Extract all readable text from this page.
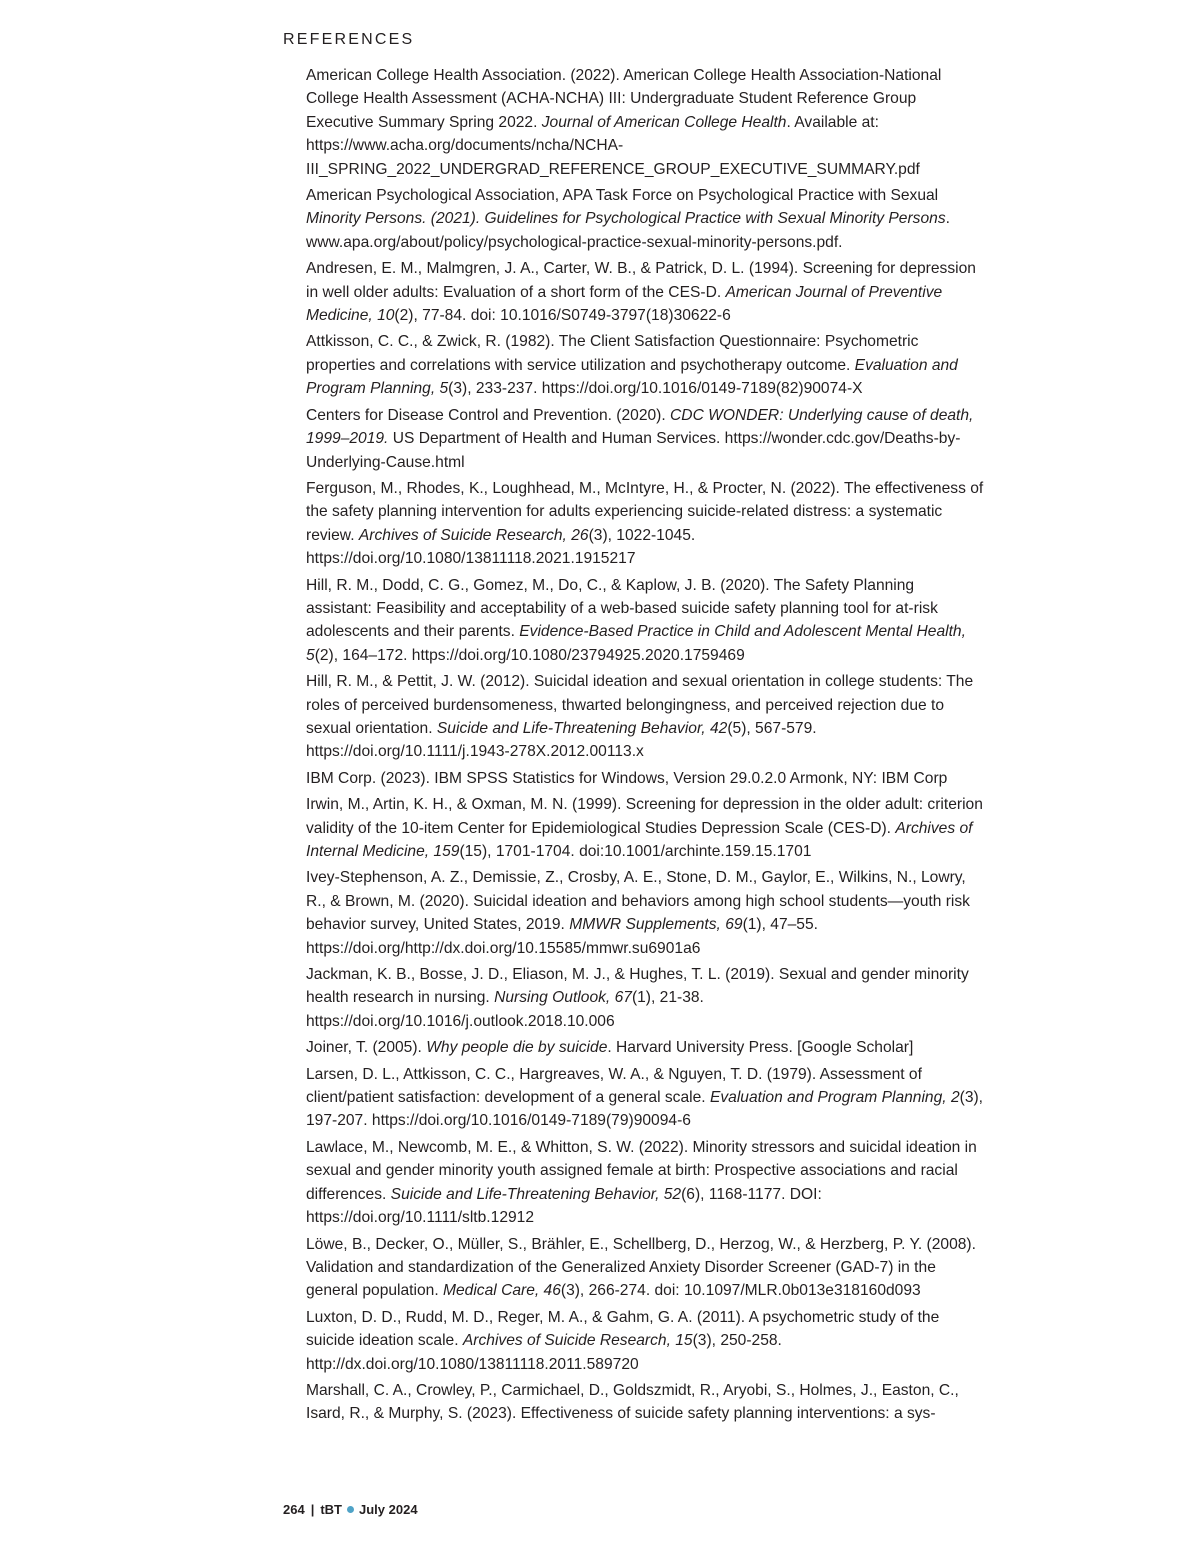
REFERENCES
American College Health Association. (2022). American College Health Association-National College Health Assessment (ACHA-NCHA) III: Undergraduate Student Reference Group Executive Summary Spring 2022. Journal of American College Health. Available at: https://www.acha.org/documents/ncha/NCHA-III_SPRING_2022_UNDERGRAD_REFERENCE_GROUP_EXECUTIVE_SUMMARY.pdf
American Psychological Association, APA Task Force on Psychological Practice with Sexual Minority Persons. (2021). Guidelines for Psychological Practice with Sexual Minority Persons. www.apa.org/about/policy/psychological-practice-sexual-minority-persons.pdf.
Andresen, E. M., Malmgren, J. A., Carter, W. B., & Patrick, D. L. (1994). Screening for depression in well older adults: Evaluation of a short form of the CES-D. American Journal of Preventive Medicine, 10(2), 77-84. doi: 10.1016/S0749-3797(18)30622-6
Attkisson, C. C., & Zwick, R. (1982). The Client Satisfaction Questionnaire: Psychometric properties and correlations with service utilization and psychotherapy outcome. Evaluation and Program Planning, 5(3), 233-237. https://doi.org/10.1016/0149-7189(82)90074-X
Centers for Disease Control and Prevention. (2020). CDC WONDER: Underlying cause of death, 1999–2019. US Department of Health and Human Services. https://wonder.cdc.gov/Deaths-by-Underlying-Cause.html
Ferguson, M., Rhodes, K., Loughhead, M., McIntyre, H., & Procter, N. (2022). The effectiveness of the safety planning intervention for adults experiencing suicide-related distress: a systematic review. Archives of Suicide Research, 26(3), 1022-1045. https://doi.org/10.1080/13811118.2021.1915217
Hill, R. M., Dodd, C. G., Gomez, M., Do, C., & Kaplow, J. B. (2020). The Safety Planning assistant: Feasibility and acceptability of a web-based suicide safety planning tool for at-risk adolescents and their parents. Evidence-Based Practice in Child and Adolescent Mental Health, 5(2), 164–172. https://doi.org/10.1080/23794925.2020.1759469
Hill, R. M., & Pettit, J. W. (2012). Suicidal ideation and sexual orientation in college students: The roles of perceived burdensomeness, thwarted belongingness, and perceived rejection due to sexual orientation. Suicide and Life‐Threatening Behavior, 42(5), 567-579. https://doi.org/10.1111/j.1943-278X.2012.00113.x
IBM Corp. (2023). IBM SPSS Statistics for Windows, Version 29.0.2.0 Armonk, NY: IBM Corp
Irwin, M., Artin, K. H., & Oxman, M. N. (1999). Screening for depression in the older adult: criterion validity of the 10-item Center for Epidemiological Studies Depression Scale (CES-D). Archives of Internal Medicine, 159(15), 1701-1704. doi:10.1001/archinte.159.15.1701
Ivey-Stephenson, A. Z., Demissie, Z., Crosby, A. E., Stone, D. M., Gaylor, E., Wilkins, N., Lowry, R., & Brown, M. (2020). Suicidal ideation and behaviors among high school students—youth risk behavior survey, United States, 2019. MMWR Supplements, 69(1), 47–55. https://doi.org/http://dx.doi.org/10.15585/mmwr.su6901a6
Jackman, K. B., Bosse, J. D., Eliason, M. J., & Hughes, T. L. (2019). Sexual and gender minority health research in nursing. Nursing Outlook, 67(1), 21-38. https://doi.org/10.1016/j.outlook.2018.10.006
Joiner, T. (2005). Why people die by suicide. Harvard University Press. [Google Scholar]
Larsen, D. L., Attkisson, C. C., Hargreaves, W. A., & Nguyen, T. D. (1979). Assessment of client/patient satisfaction: development of a general scale. Evaluation and Program Planning, 2(3), 197-207. https://doi.org/10.1016/0149-7189(79)90094-6
Lawlace, M., Newcomb, M. E., & Whitton, S. W. (2022). Minority stressors and suicidal ideation in sexual and gender minority youth assigned female at birth: Prospective associations and racial differences. Suicide and Life‐Threatening Behavior, 52(6), 1168-1177. DOI: https://doi.org/10.1111/sltb.12912
Löwe, B., Decker, O., Müller, S., Brähler, E., Schellberg, D., Herzog, W., & Herzberg, P. Y. (2008). Validation and standardization of the Generalized Anxiety Disorder Screener (GAD-7) in the general population. Medical Care, 46(3), 266-274. doi: 10.1097/MLR.0b013e318160d093
Luxton, D. D., Rudd, M. D., Reger, M. A., & Gahm, G. A. (2011). A psychometric study of the suicide ideation scale. Archives of Suicide Research, 15(3), 250-258. http://dx.doi.org/10.1080/13811118.2011.589720
Marshall, C. A., Crowley, P., Carmichael, D., Goldszmidt, R., Aryobi, S., Holmes, J., Easton, C., Isard, R., & Murphy, S. (2023). Effectiveness of suicide safety planning interventions: a sys-
264 | tBT July 2024
